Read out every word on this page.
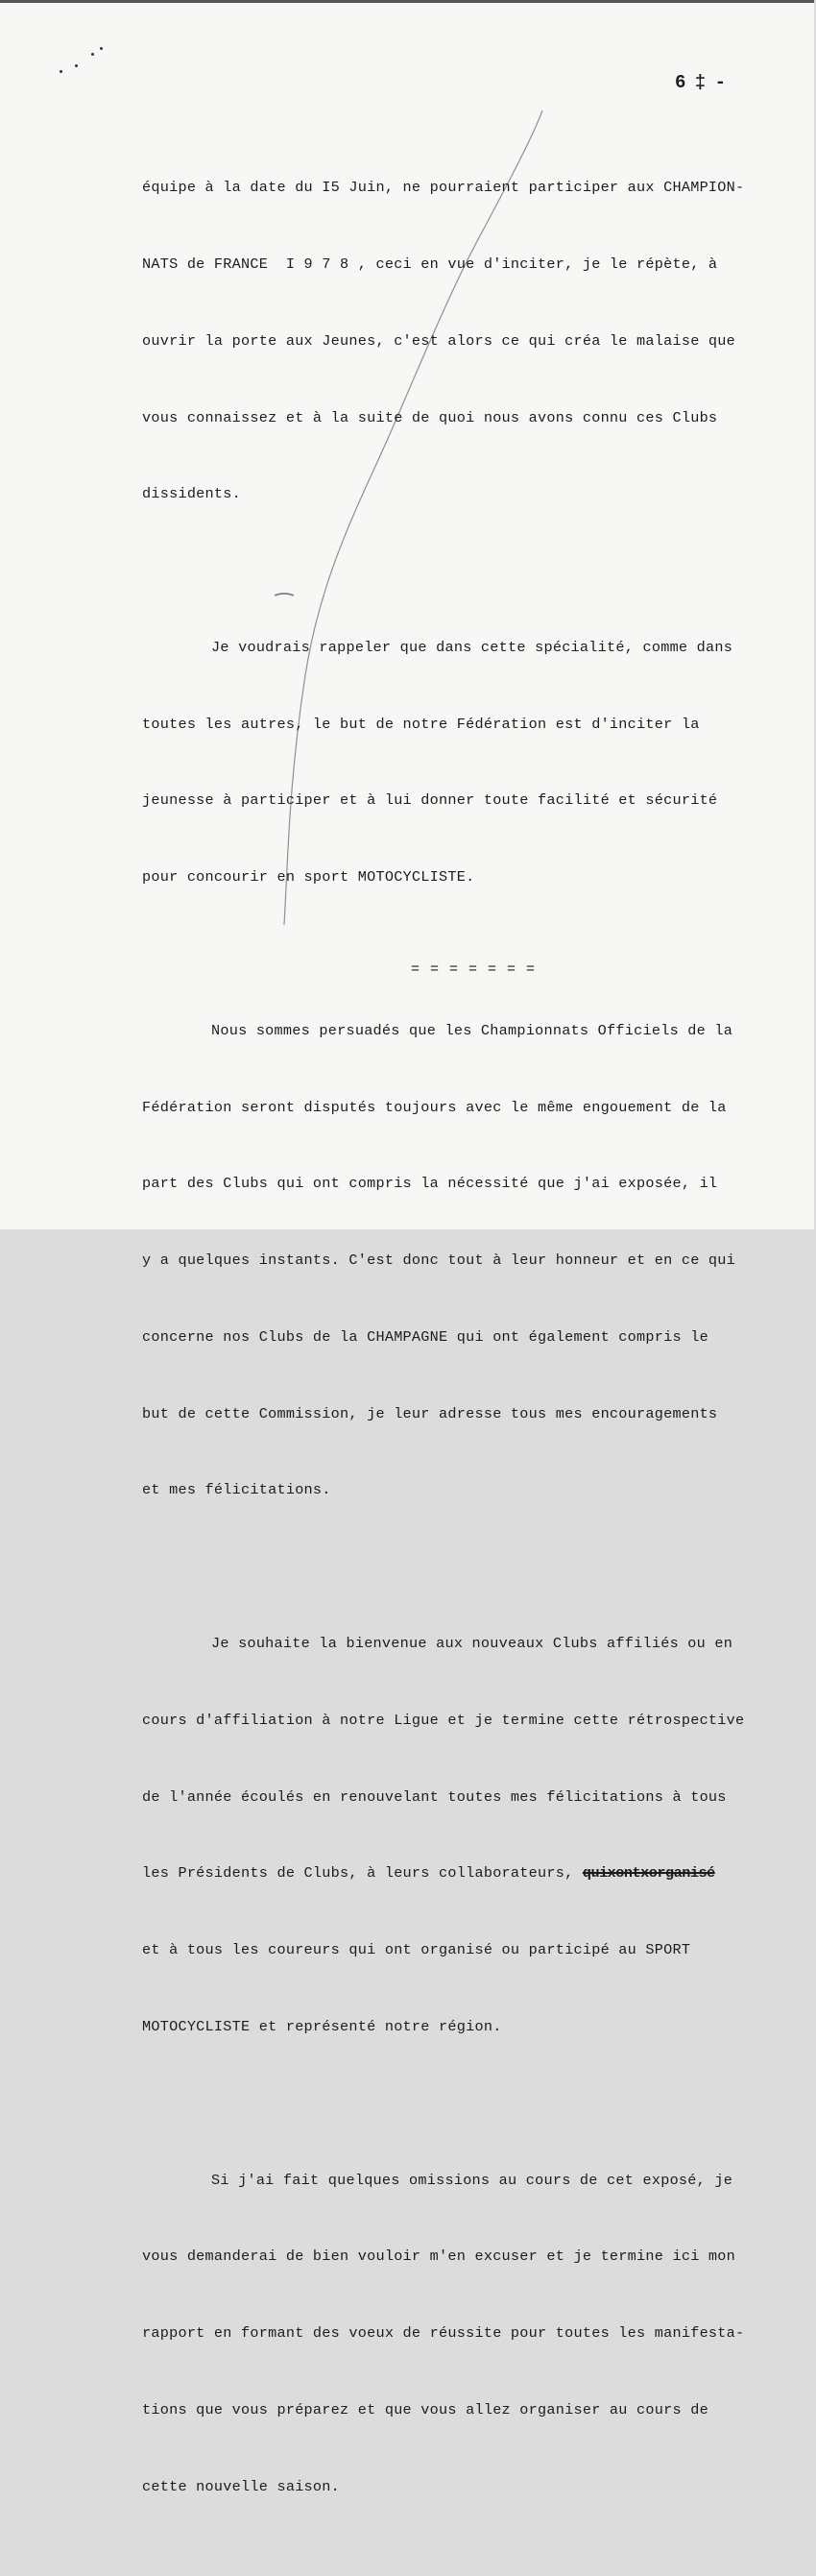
6 ‡ -

équipe à la date du I5 Juin, ne pourraient participer aux CHAMPION-

NATS de FRANCE  I 9 7 8 , ceci en vue d'inciter, je le répète, à

ouvrir la porte aux Jeunes, c'est alors ce qui créa le malaise que

vous connaissez et à la suite de quoi nous avons connu ces Clubs

dissidents.

Je voudrais rappeler que dans cette spécialité, comme dans

toutes les autres, le but de notre Fédération est d'inciter la

jeunesse à participer et à lui donner toute facilité et sécurité

pour concourir en sport MOTOCYCLISTE.

Nous sommes persuadés que les Championnats Officiels de la

Fédération seront disputés toujours avec le même engouement de la

part des Clubs qui ont compris la nécessité que j'ai exposée, il

y a quelques instants. C'est donc tout à leur honneur et en ce qui

concerne nos Clubs de la CHAMPAGNE qui ont également compris le

but de cette Commission, je leur adresse tous mes encouragements

et mes félicitations.

Je souhaite la bienvenue aux nouveaux Clubs affiliés ou en

cours d'affiliation à notre Ligue et je termine cette rétrospective

de l'année écoulés en renouvelant toutes mes félicitations à tous

les Présidents de Clubs, à leurs collaborateurs, quixontxorganisé

et à tous les coureurs qui ont organisé ou participé au SPORT

MOTOCYCLISTE et représenté notre région.

Si j'ai fait quelques omissions au cours de cet exposé, je

vous demanderai de bien vouloir m'en excuser et je termine ici mon

rapport en formant des voeux de réussite pour toutes les manifesta-

tions que vous préparez et que vous allez organiser au cours de

cette nouvelle saison.

= = = = = = =
